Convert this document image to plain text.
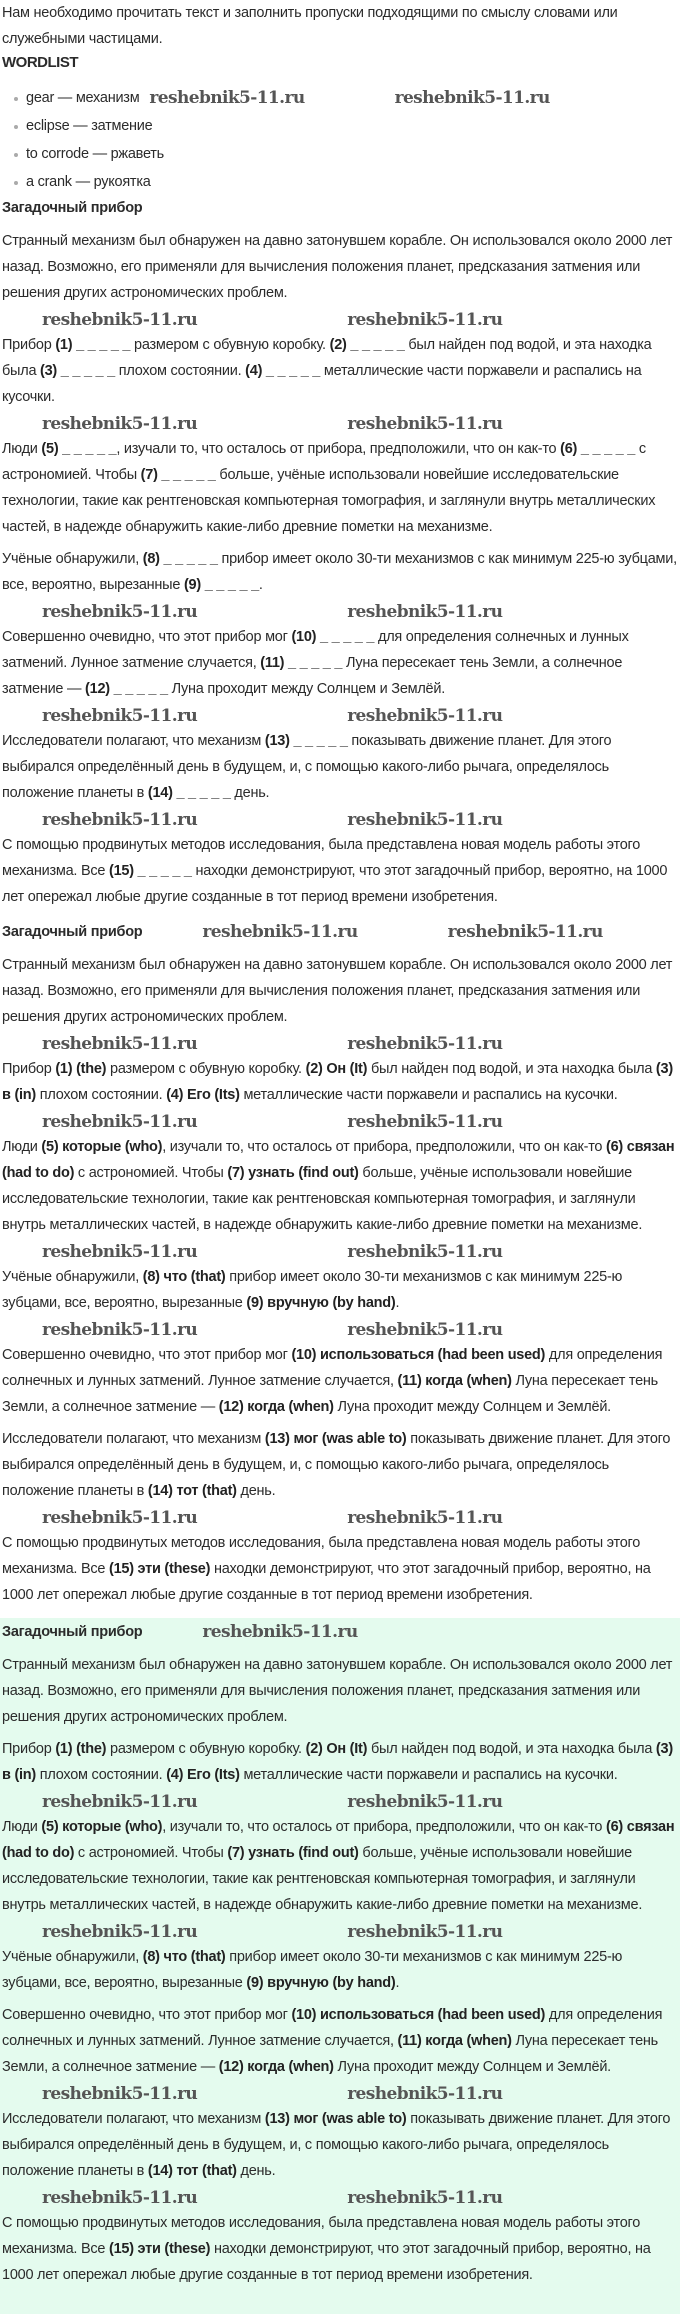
Нам необходимо прочитать текст и заполнить пропуски подходящими по смыслу словами или служебными частицами.
WORDLIST
gear — механизм reshebnik5-11.ru	reshebnik5-11.ru
eclipse — затмение
to corrode — ржаветь
a crank — рукоятка
Загадочный прибор

Странный механизм был обнаружен на давно затонувшем корабле. Он использовался около 2000 лет назад. Возможно, его применяли для вычисления положения планет, предсказания затмения или решения других астрономических проблем.

reshebnik5-11.ru	reshebnik5-11.ru

Прибор (1) _ _ _ _ _ размером с обувную коробку. (2) _ _ _ _ _ был найден под водой, и эта находка была (3) _ _ _ _ _ плохом состоянии. (4) _ _ _ _ _ металлические части поржавели и распались на кусочки.

reshebnik5-11.ru	reshebnik5-11.ru

Люди (5) _ _ _ _ _, изучали то, что осталось от прибора, предположили, что он как-то (6) _ _ _ _ _ с астрономией. Чтобы (7) _ _ _ _ _ больше, учёные использовали новейшие исследовательские технологии, такие как рентгеновская компьютерная томография, и заглянули внутрь металлических частей, в надежде обнаружить какие-либо древние пометки на механизме.

Учёные обнаружили, (8) _ _ _ _ _ прибор имеет около 30-ти механизмов с как минимум 225-ю зубцами, все, вероятно, вырезанные (9) _ _ _ _ _.

reshebnik5-11.ru	reshebnik5-11.ru

Совершенно очевидно, что этот прибор мог (10) _ _ _ _ _ для определения солнечных и лунных затмений. Лунное затмение случается, (11) _ _ _ _ _ Луна пересекает тень Земли, а солнечное затмение — (12) _ _ _ _ _ Луна проходит между Солнцем и Землёй.

reshebnik5-11.ru	reshebnik5-11.ru

Исследователи полагают, что механизм (13) _ _ _ _ _ показывать движение планет. Для этого выбирался определённый день в будущем, и, с помощью какого-либо рычага, определялось положение планеты в (14) _ _ _ _ _ день.

reshebnik5-11.ru	reshebnik5-11.ru

С помощью продвинутых методов исследования, была представлена новая модель работы этого механизма. Все (15) _ _ _ _ _ находки демонстрируют, что этот загадочный прибор, вероятно, на 1000 лет опережал любые другие созданные в тот период времени изобретения.

Загадочный прибор	reshebnik5-11.ru	reshebnik5-11.ru

Странный механизм был обнаружен на давно затонувшем корабле. Он использовался около 2000 лет назад. Возможно, его применяли для вычисления положения планет, предсказания затмения или решения других астрономических проблем.

reshebnik5-11.ru	reshebnik5-11.ru

Прибор (1) (the) размером с обувную коробку. (2) Он (It) был найден под водой, и эта находка была (3) в (in) плохом состоянии. (4) Его (Its) металлические части поржавели и распались на кусочки.

reshebnik5-11.ru	reshebnik5-11.ru

Люди (5) которые (who), изучали то, что осталось от прибора, предположили, что он как-то (6) связан (had to do) с астрономией. Чтобы (7) узнать (find out) больше, учёные использовали новейшие исследовательские технологии, такие как рентгеновская компьютерная томография, и заглянули внутрь металлических частей, в надежде обнаружить какие-либо древние пометки на механизме.

reshebnik5-11.ru	reshebnik5-11.ru

Учёные обнаружили, (8) что (that) прибор имеет около 30-ти механизмов с как минимум 225-ю зубцами, все, вероятно, вырезанные (9) вручную (by hand).

reshebnik5-11.ru	reshebnik5-11.ru

Совершенно очевидно, что этот прибор мог (10) использоваться (had been used) для определения солнечных и лунных затмений. Лунное затмение случается, (11) когда (when) Луна пересекает тень Земли, а солнечное затмение — (12) когда (when) Луна проходит между Солнцем и Землёй.

Исследователи полагают, что механизм (13) мог (was able to) показывать движение планет. Для этого выбирался определённый день в будущем, и, с помощью какого-либо рычага, определялось положение планеты в (14) тот (that) день.

reshebnik5-11.ru	reshebnik5-11.ru

С помощью продвинутых методов исследования, была представлена новая модель работы этого механизма. Все (15) эти (these) находки демонстрируют, что этот загадочный прибор, вероятно, на 1000 лет опережал любые другие созданные в тот период времени изобретения.

Загадочный прибор	reshebnik5-11.ru

Странный механизм был обнаружен на давно затонувшем корабле. Он использовался около 2000 лет назад. Возможно, его применяли для вычисления положения планет, предсказания затмения или решения других астрономических проблем.

Прибор (1) (the) размером с обувную коробку. (2) Он (It) был найден под водой, и эта находка была (3) в (in) плохом состоянии. (4) Его (Its) металлические части поржавели и распались на кусочки.

reshebnik5-11.ru	reshebnik5-11.ru

Люди (5) которые (who), изучали то, что осталось от прибора, предположили, что он как-то (6) связан (had to do) с астрономией. Чтобы (7) узнать (find out) больше, учёные использовали новейшие исследовательские технологии, такие как рентгеновская компьютерная томография, и заглянули внутрь металлических частей, в надежде обнаружить какие-либо древние пометки на механизме.

reshebnik5-11.ru	reshebnik5-11.ru

Учёные обнаружили, (8) что (that) прибор имеет около 30-ти механизмов с как минимум 225-ю зубцами, все, вероятно, вырезанные (9) вручную (by hand).

Совершенно очевидно, что этот прибор мог (10) использоваться (had been used) для определения солнечных и лунных затмений. Лунное затмение случается, (11) когда (when) Луна пересекает тень Земли, а солнечное затмение — (12) когда (when) Луна проходит между Солнцем и Землёй.

reshebnik5-11.ru	reshebnik5-11.ru

Исследователи полагают, что механизм (13) мог (was able to) показывать движение планет. Для этого выбирался определённый день в будущем, и, с помощью какого-либо рычага, определялось положение планеты в (14) тот (that) день.

reshebnik5-11.ru	reshebnik5-11.ru

С помощью продвинутых методов исследования, была представлена новая модель работы этого механизма. Все (15) эти (these) находки демонстрируют, что этот загадочный прибор, вероятно, на 1000 лет опережал любые другие созданные в тот период времени изобретения.
